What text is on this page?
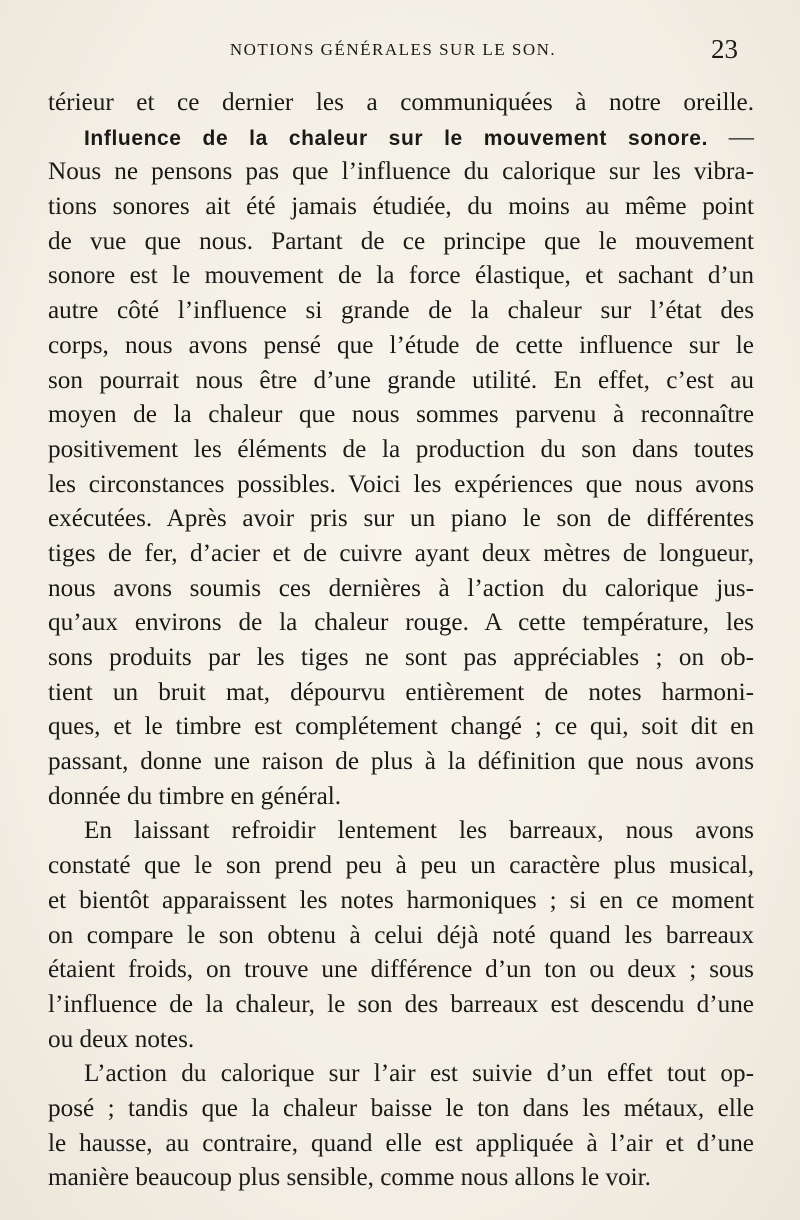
NOTIONS GÉNÉRALES SUR LE SON.	23
térieur et ce dernier les a communiquées à notre oreille.
Influence de la chaleur sur le mouvement sonore. —
Nous ne pensons pas que l’influence du calorique sur les vibra-
tions sonores ait été jamais étudiée, du moins au même point
de vue que nous. Partant de ce principe que le mouvement
sonore est le mouvement de la force élastique, et sachant d’un
autre côté l’influence si grande de la chaleur sur l’état des
corps, nous avons pensé que l’étude de cette influence sur le
son pourrait nous être d’une grande utilité. En effet, c’est au
moyen de la chaleur que nous sommes parvenu à reconnaître
positivement les éléments de la production du son dans toutes
les circonstances possibles. Voici les expériences que nous avons
exécutées. Après avoir pris sur un piano le son de différentes
tiges de fer, d’acier et de cuivre ayant deux mètres de longueur,
nous avons soumis ces dernières à l’action du calorique jus-
qu’aux environs de la chaleur rouge. A cette température, les
sons produits par les tiges ne sont pas appréciables ; on ob-
tient un bruit mat, dépourvu entièrement de notes harmoni-
ques, et le timbre est complétement changé ; ce qui, soit dit en
passant, donne une raison de plus à la définition que nous avons
donnée du timbre en général.
En laissant refroidir lentement les barreaux, nous avons
constaté que le son prend peu à peu un caractère plus musical,
et bientôt apparaissent les notes harmoniques ; si en ce moment
on compare le son obtenu à celui déjà noté quand les barreaux
étaient froids, on trouve une différence d’un ton ou deux ; sous
l’influence de la chaleur, le son des barreaux est descendu d’une
ou deux notes.
L’action du calorique sur l’air est suivie d’un effet tout op-
posé ; tandis que la chaleur baisse le ton dans les métaux, elle
le hausse, au contraire, quand elle est appliquée à l’air et d’une
manière beaucoup plus sensible, comme nous allons le voir.
